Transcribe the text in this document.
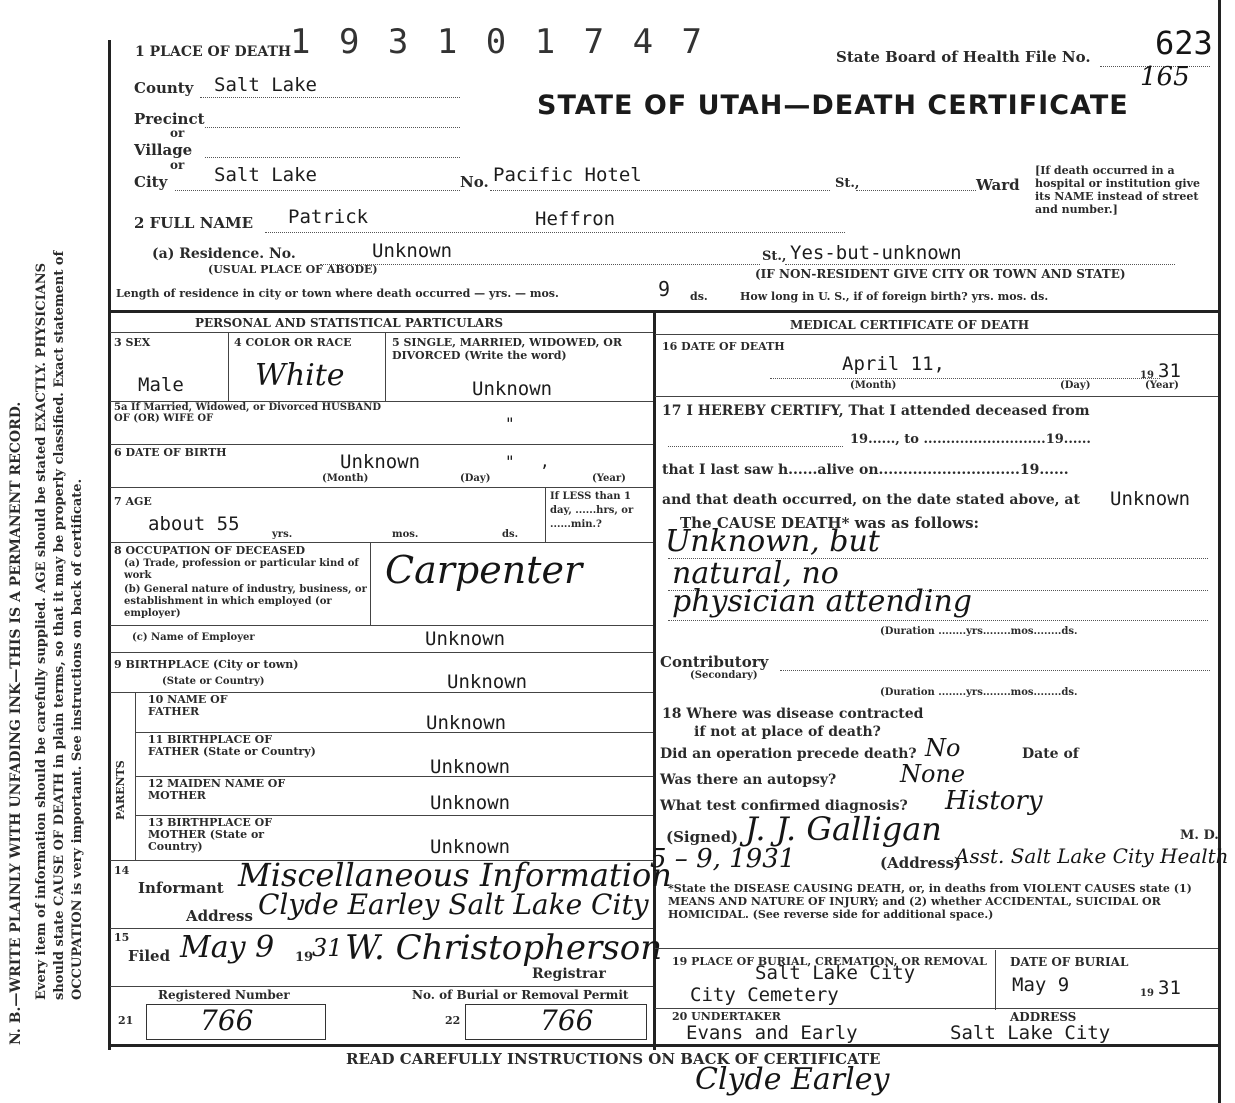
N. B.—WRITE PLAINLY WITH UNFADING INK—THIS IS A PERMANENT RECORD. Every item of information should be carefully supplied. AGE should be stated EXACTLY. PHYSICIANS should state CAUSE OF DEATH in plain terms, so that it may be properly classified. Exact statement of OCCUPATION is very important. See instructions on back of certificate.
1 9 3 1 0 1 7 4 7
1 PLACE OF DEATH	State Board of Health File No. 623
165
STATE OF UTAH—DEATH CERTIFICATE
County Salt Lake
Precinct
or
Village
or
City Salt Lake	No. Pacific Hotel	St.,	Ward
[If death occurred in a hospital or institution give its NAME instead of street and number.]
2 FULL NAME Patrick	Heffron
(a) Residence. No.
(USUAL PLACE OF ABODE)
Unknown	St., Yes-but-unknown
(IF NON-RESIDENT GIVE CITY OR TOWN AND STATE)
Length of residence in city or town where death occurred — yrs. — mos.	9 ds.	How long in U. S., if of foreign birth? yrs. mos. ds.
PERSONAL AND STATISTICAL PARTICULARS
3 SEX
Male
4 COLOR OR RACE
White
5 SINGLE, MARRIED, WIDOWED, OR DIVORCED (Write the word)
Unknown
5a If Married, Widowed, or Divorced HUSBAND OF (OR) WIFE OF	"
6 DATE OF BIRTH	Unknown	" ,
(Month)	(Day)	(Year)
7 AGE
about 55	yrs.	mos.	ds.
If LESS than 1 day, ......hrs, or ......min.?
8 OCCUPATION OF DECEASED
(a) Trade, profession or particular kind of work
(b) General nature of industry, business, or establishment in which employed (or employer)
Carpenter
(c) Name of Employer	Unknown
9 BIRTHPLACE (City or town)
(State or Country)	Unknown
PARENTS
10 NAME OF FATHER
Unknown
11 BIRTHPLACE OF FATHER (State or Country)
Unknown
12 MAIDEN NAME OF MOTHER	Unknown
13 BIRTHPLACE OF MOTHER (State or Country)	Unknown
14
Informant Miscellaneous Information
Address Clyde Earley Salt Lake City
15
Filed May 9 19
31 W. Christopherson
Registrar
Registered Number	No. of Burial or Removal Permit
21 766	22	766
MEDICAL CERTIFICATE OF DEATH
16 DATE OF DEATH
April 11,
19 31
(Month)	(Day)	(Year)
17 I HEREBY CERTIFY, That I attended deceased from
19......, to ...........................19......
that I last saw h......alive on.............................19......
and that death occurred, on the date stated above, at Unknown
The CAUSE DEATH* was as follows:
Unknown, but
natural, no
physician attending
(Duration ........yrs........mos........ds.
Contributory
(Secondary)
(Duration ........yrs........mos........ds.
18 Where was disease contracted
if not at place of death?
Did an operation precede death? No	Date of
Was there an autopsy?	None
What test confirmed diagnosis? History
(Signed) J. J. Galligan	M. D.
5 – 9, 1931	(Address)
Asst. Salt Lake City Health
*State the DISEASE CAUSING DEATH, or, in deaths from VIOLENT CAUSES state (1) MEANS AND NATURE OF INJURY; and (2) whether ACCIDENTAL, SUICIDAL OR HOMICIDAL. (See reverse side for additional space.)
19 PLACE OF BURIAL, CREMATION, OR REMOVAL
Salt Lake City
City Cemetery
DATE OF BURIAL
May 9	19 31
20 UNDERTAKER
Evans and Early
ADDRESS
Salt Lake City
READ CAREFULLY INSTRUCTIONS ON BACK OF CERTIFICATE
Clyde Earley
